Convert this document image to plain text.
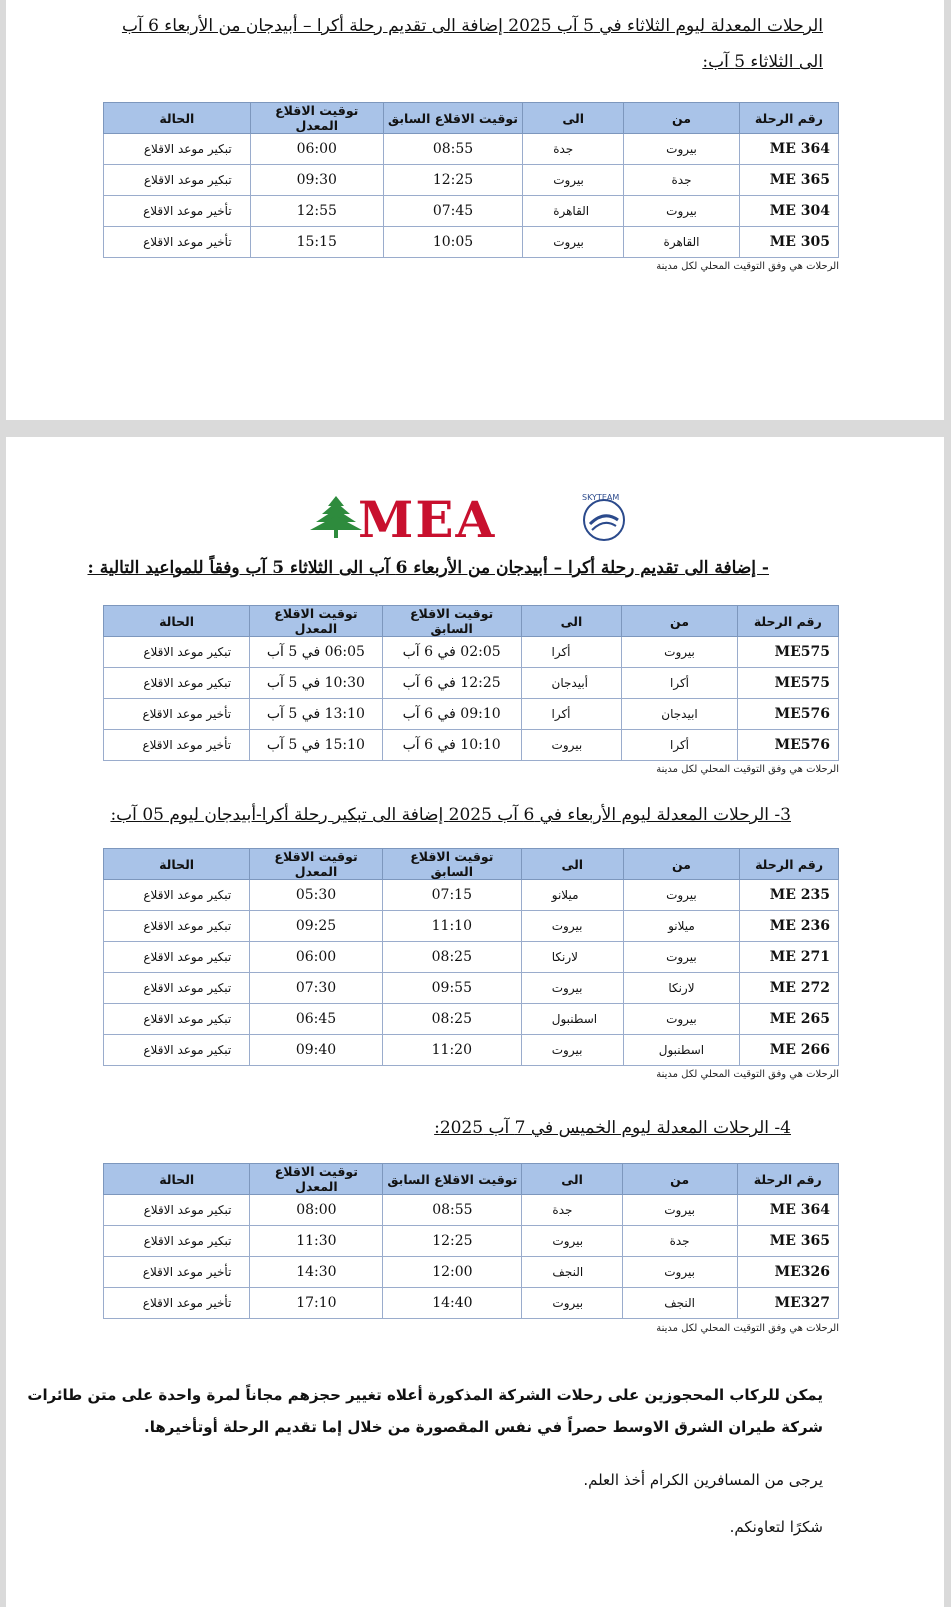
الرحلات المعدلة ليوم الثلاثاء في 5 آب 2025 إضافة الى تقديم رحلة أكرا – أبيدجان من الأربعاء 6 آب
الى الثلاثاء 5 آب:
رقم الرحلة	من	الى	توقيت الاقلاع السابق	توقيت الاقلاع المعدل	الحالة
ME 364	بيروت	جدة	08:55	06:00	تبكير موعد الاقلاع
ME 365	جدة	بيروت	12:25	09:30	تبكير موعد الاقلاع
ME 304	بيروت	القاهرة	07:45	12:55	تأخير موعد الاقلاع
ME 305	القاهرة	بيروت	10:05	15:15	تأخير موعد الاقلاع
الرحلات هي وفق التوقيت المحلي لكل مدينة
MEA	SKYTEAM
- إضافة الى تقديم رحلة أكرا – أبيدجان من الأربعاء 6 آب الى الثلاثاء 5 آب وفقاً للمواعيد التالية :
رقم الرحلة	من	الى	توقيت الاقلاع السابق	توقيت الاقلاع المعدل	الحالة
ME575	بيروت	أكرا	02:05 في 6 آب	06:05 في 5 آب	تبكير موعد الاقلاع
ME575	أكرا	أبيدجان	12:25 في 6 آب	10:30 في 5 آب	تبكير موعد الاقلاع
ME576	ابيدجان	أكرا	09:10 في 6 آب	13:10 في 5 آب	تأخير موعد الاقلاع
ME576	أكرا	بيروت	10:10 في 6 آب	15:10 في 5 آب	تأخير موعد الاقلاع
الرحلات هي وفق التوقيت المحلي لكل مدينة
3- الرحلات المعدلة ليوم الأربعاء في 6 آب 2025 إضافة الى تبكير رحلة أكرا-أبيدجان ليوم 05 آب:
رقم الرحلة	من	الى	توقيت الاقلاع السابق	توقيت الاقلاع المعدل	الحالة
ME 235	بيروت	ميلانو	07:15	05:30	تبكير موعد الاقلاع
ME 236	ميلانو	بيروت	11:10	09:25	تبكير موعد الاقلاع
ME 271	بيروت	لارنكا	08:25	06:00	تبكير موعد الاقلاع
ME 272	لارنكا	بيروت	09:55	07:30	تبكير موعد الاقلاع
ME 265	بيروت	اسطنبول	08:25	06:45	تبكير موعد الاقلاع
ME 266	اسطنبول	بيروت	11:20	09:40	تبكير موعد الاقلاع
الرحلات هي وفق التوقيت المحلي لكل مدينة
4- الرحلات المعدلة ليوم الخميس في 7 آب 2025:
رقم الرحلة	من	الى	توقيت الاقلاع السابق	توقيت الاقلاع المعدل	الحالة
ME 364	بيروت	جدة	08:55	08:00	تبكير موعد الاقلاع
ME 365	جدة	بيروت	12:25	11:30	تبكير موعد الاقلاع
ME326	بيروت	النجف	12:00	14:30	تأخير موعد الاقلاع
ME327	النجف	بيروت	14:40	17:10	تأخير موعد الاقلاع
الرحلات هي وفق التوقيت المحلي لكل مدينة
يمكن للركاب المحجوزين على رحلات الشركة المذكورة أعلاه تغيير حجزهم مجاناً لمرة واحدة على متن طائرات
شركة طيران الشرق الاوسط حصراً في نفس المقصورة من خلال إما تقديم الرحلة أوتأخيرها.
يرجى من المسافرين الكرام أخذ العلم.
شكرًا لتعاونكم.
